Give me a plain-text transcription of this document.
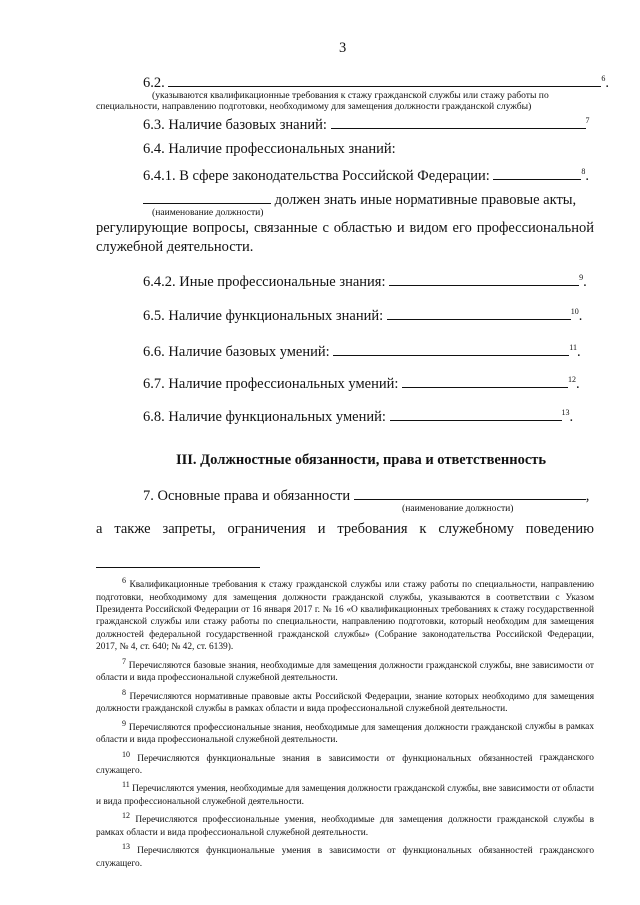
3
6.2.	$^6$.
(указываются квалификационные требования к стажу гражданской службы или стажу работы по
специальности, направлению подготовки, необходимому для замещения должности гражданской службы)
6.3. Наличие базовых знаний:	$^7$
6.4. Наличие профессиональных знаний:
6.4.1. В сфере законодательства Российской Федерации:	$^8$.
должен знать иные нормативные правовые акты,
(наименование должности)
регулирующие вопросы, связанные с областью и видом его профессиональной
служебной деятельности.
6.4.2. Иные профессиональные знания:	$^9$.
6.5. Наличие функциональных знаний:	$^{10}$.
6.6. Наличие базовых умений:	$^{11}$.
6.7. Наличие профессиональных умений:	$^{12}$.
6.8. Наличие функциональных умений:	$^{13}$.
III. Должностные обязанности, права и ответственность
7. Основные права и обязанности	,
(наименование должности)
а также запреты, ограничения и требования к служебному поведению
$^6$ Квалификационные требования к стажу гражданской службы или стажу работы по специальности, направлению подготовки, необходимому для замещения должности гражданской службы, указываются в соответствии с Указом Президента Российской Федерации от 16 января 2017 г. № 16 «О квалификационных требованиях к стажу государственной гражданской службы или стажу работы по специальности, направлению подготовки, который необходим для замещения должностей федеральной государственной гражданской службы» (Собрание законодательства Российской Федерации, 2017, № 4, ст. 640; № 42, ст. 6139).
$^7$ Перечисляются базовые знания, необходимые для замещения должности гражданской службы, вне зависимости от области и вида профессиональной служебной деятельности.
$^8$ Перечисляются нормативные правовые акты Российской Федерации, знание которых необходимо для замещения должности гражданской службы в рамках области и вида профессиональной служебной деятельности.
$^9$ Перечисляются профессиональные знания, необходимые для замещения должности гражданской службы в рамках области и вида профессиональной служебной деятельности.
$^{10}$ Перечисляются функциональные знания в зависимости от функциональных обязанностей гражданского служащего.
$^{11}$ Перечисляются умения, необходимые для замещения должности гражданской службы, вне зависимости от области и вида профессиональной служебной деятельности.
$^{12}$ Перечисляются профессиональные умения, необходимые для замещения должности гражданской службы в рамках области и вида профессиональной служебной деятельности.
$^{13}$ Перечисляются функциональные умения в зависимости от функциональных обязанностей гражданского служащего.
